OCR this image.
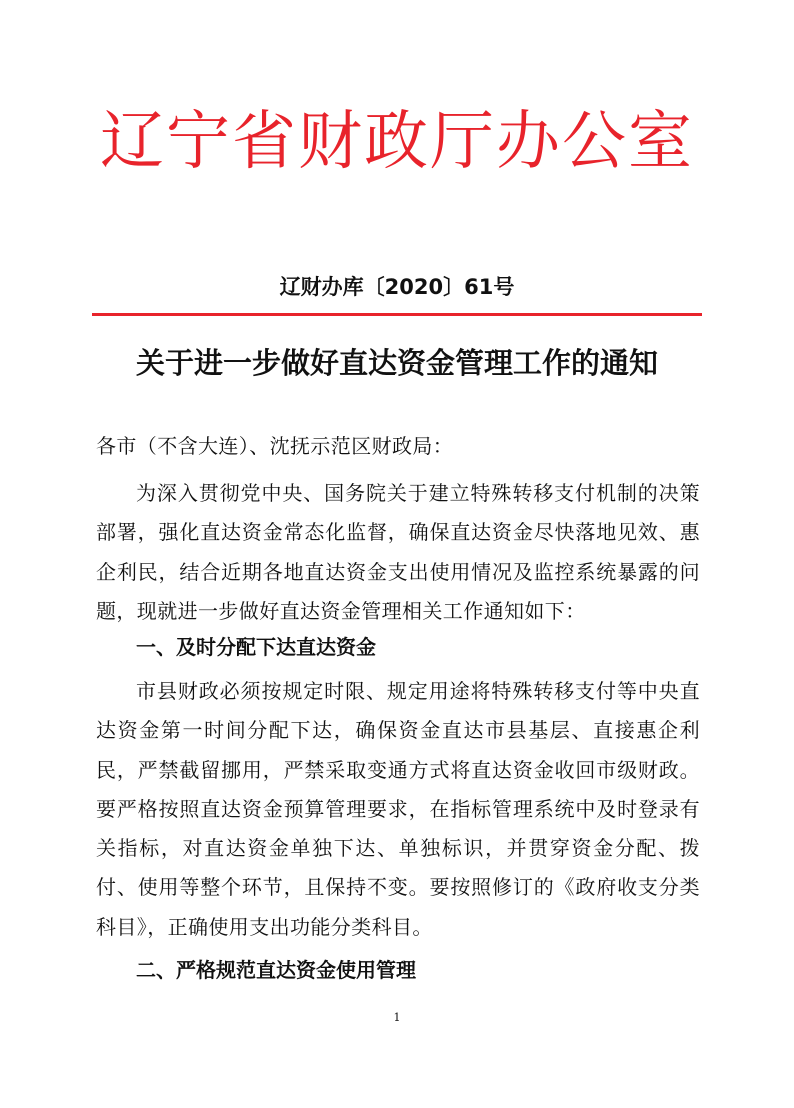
辽宁省财政厅办公室
辽财办库〔2020〕61号
关于进一步做好直达资金管理工作的通知
各市（不含大连）、沈抚示范区财政局：
为深入贯彻党中央、国务院关于建立特殊转移支付机制的决策部署，强化直达资金常态化监督，确保直达资金尽快落地见效、惠企利民，结合近期各地直达资金支出使用情况及监控系统暴露的问题，现就进一步做好直达资金管理相关工作通知如下：
一、及时分配下达直达资金
市县财政必须按规定时限、规定用途将特殊转移支付等中央直达资金第一时间分配下达，确保资金直达市县基层、直接惠企利民，严禁截留挪用，严禁采取变通方式将直达资金收回市级财政。要严格按照直达资金预算管理要求，在指标管理系统中及时登录有关指标，对直达资金单独下达、单独标识，并贯穿资金分配、拨付、使用等整个环节，且保持不变。要按照修订的《政府收支分类科目》，正确使用支出功能分类科目。
二、严格规范直达资金使用管理
1
